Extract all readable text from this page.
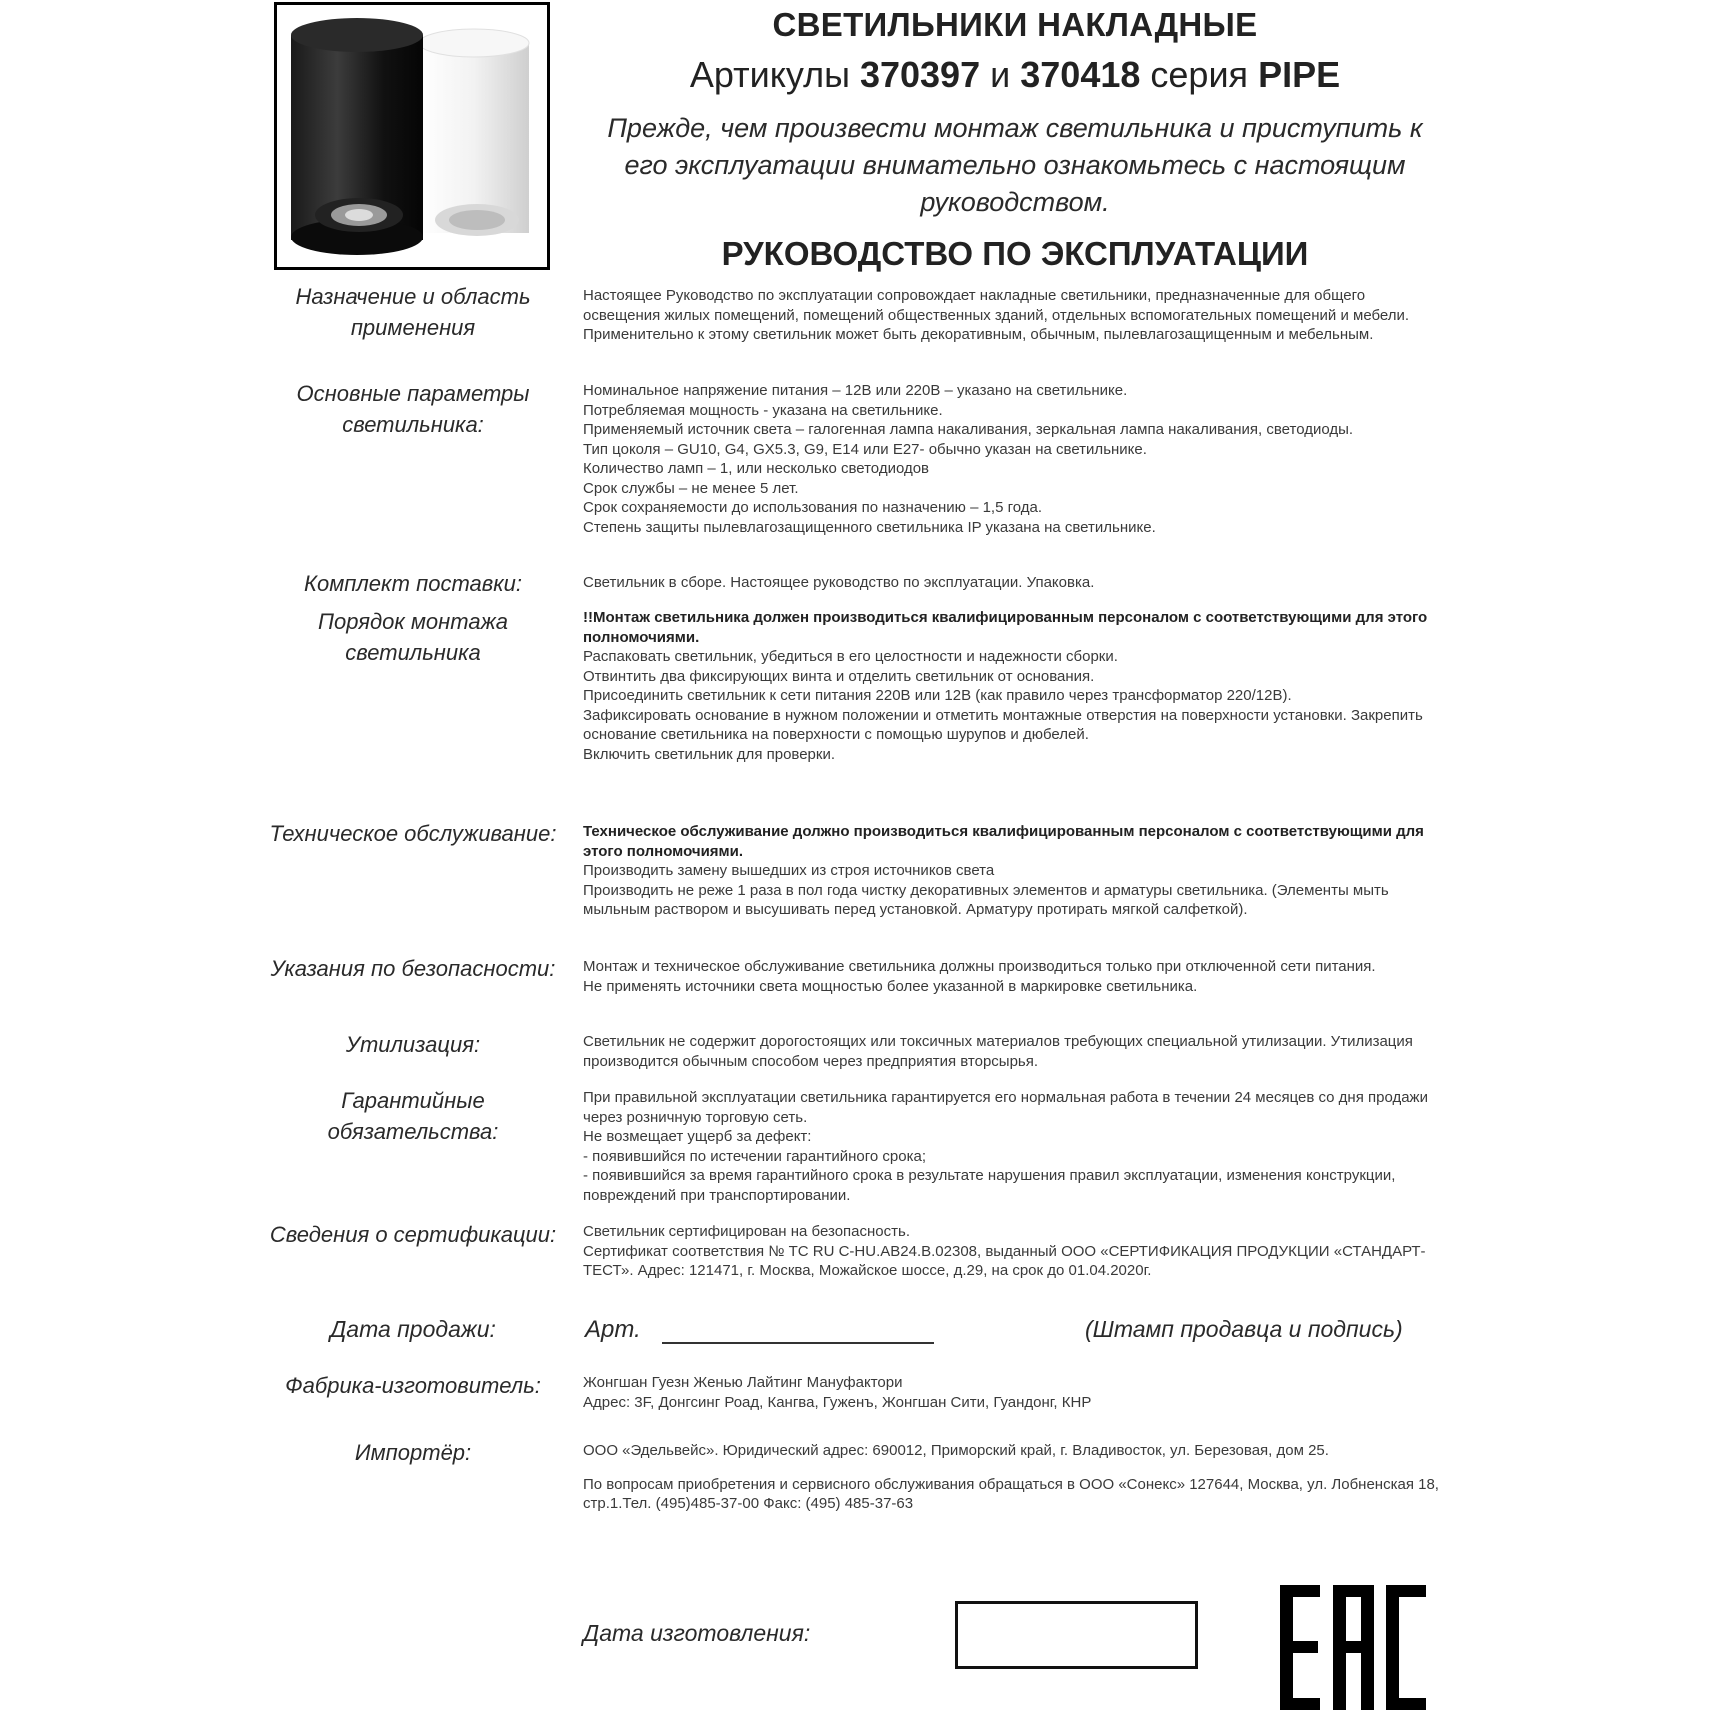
СВЕТИЛЬНИКИ НАКЛАДНЫЕ
Артикулы 370397 и 370418 серия PIPE
Прежде, чем произвести монтаж светильника и приступить к его эксплуатации внимательно ознакомьтесь с настоящим руководством.
РУКОВОДСТВО ПО ЭКСПЛУАТАЦИИ
Назначение и область применения

Настоящее Руководство по эксплуатации сопровождает накладные светильники, предназначенные для общего освещения жилых помещений, помещений общественных зданий, отдельных вспомогательных помещений и мебели. Применительно к этому светильник может быть декоративным, обычным, пылевлагозащищенным и мебельным.

Основные параметры светильника:

Номинальное напряжение питания – 12В или 220В – указано на светильнике.

Потребляемая мощность - указана на светильнике.

Применяемый источник света – галогенная лампа накаливания, зеркальная лампа накаливания, светодиоды.

Тип цоколя – GU10, G4, GX5.3, G9, E14 или E27- обычно указан на светильнике.

Количество ламп – 1, или несколько светодиодов

Срок службы – не менее 5 лет.

Срок сохраняемости до использования по назначению – 1,5 года.

Степень защиты пылевлагозащищенного светильника IP указана на светильнике.

Комплект поставки:	Светильник в сборе. Настоящее руководство по эксплуатации. Упаковка.

Порядок монтажа светильника

!!Монтаж светильника должен производиться квалифицированным персоналом с соответствующими для этого полномочиями.

Распаковать светильник, убедиться в его целостности и надежности сборки.

Отвинтить два фиксирующих винта и отделить светильник от основания.

Присоединить светильник к сети питания 220В или 12В (как правило через трансформатор 220/12В).

Зафиксировать основание в нужном положении и отметить монтажные отверстия на поверхности установки. Закрепить основание светильника на поверхности с помощью шурупов и дюбелей.

Включить светильник для проверки.

Техническое обслуживание: Техническое обслуживание должно производиться квалифицированным персоналом с соответствующими для этого полномочиями.

Производить замену вышедших из строя источников света

Производить не реже 1 раза в пол года чистку декоративных элементов и арматуры светильника. (Элементы мыть мыльным раствором и высушивать перед установкой. Арматуру протирать мягкой салфеткой).

Указания по безопасности: Монтаж и техническое обслуживание светильника должны производиться только при отключенной сети питания.

Не применять источники света мощностью более указанной в маркировке светильника.

Утилизация:	Светильник не содержит дорогостоящих или токсичных материалов требующих специальной утилизации. Утилизация производится обычным способом через предприятия вторсырья.

Гарантийные обязательства:

При правильной эксплуатации светильника гарантируется его нормальная работа в течении 24 месяцев со дня продажи через розничную торговую сеть.

Не возмещает ущерб за дефект:

- появившийся по истечении гарантийного срока;

- появившийся за время гарантийного срока в результате нарушения правил эксплуатации, изменения конструкции, повреждений при транспортировании.

Сведения о сертификации: Светильник сертифицирован на безопасность.

Сертификат соответствия № ТС RU C-HU.АВ24.В.02308, выданный ООО «СЕРТИФИКАЦИЯ ПРОДУКЦИИ «СТАНДАРТ-ТЕСТ». Адрес: 121471, г. Москва, Можайское шоссе, д.29, на срок до 01.04.2020г.

Дата продажи:	Арт.	(Штамп продавца и подпись)
Фабрика-изготовитель:	Жонгшан Гуезн Женью Лайтинг Мануфактори

Адрес: 3F, Донгсинг Роад, Кангва, Гуженъ, Жонгшан Сити, Гуандонг, КНР

Импортёр:	ООО «Эдельвейс». Юридический адрес: 690012, Приморский край, г. Владивосток, ул. Березовая, дом 25.

По вопросам приобретения и сервисного обслуживания обращаться в ООО «Сонекс» 127644, Москва, ул. Лобненская 18, стр.1.Тел. (495)485-37-00 Факс: (495) 485-37-63

Дата изготовления:
